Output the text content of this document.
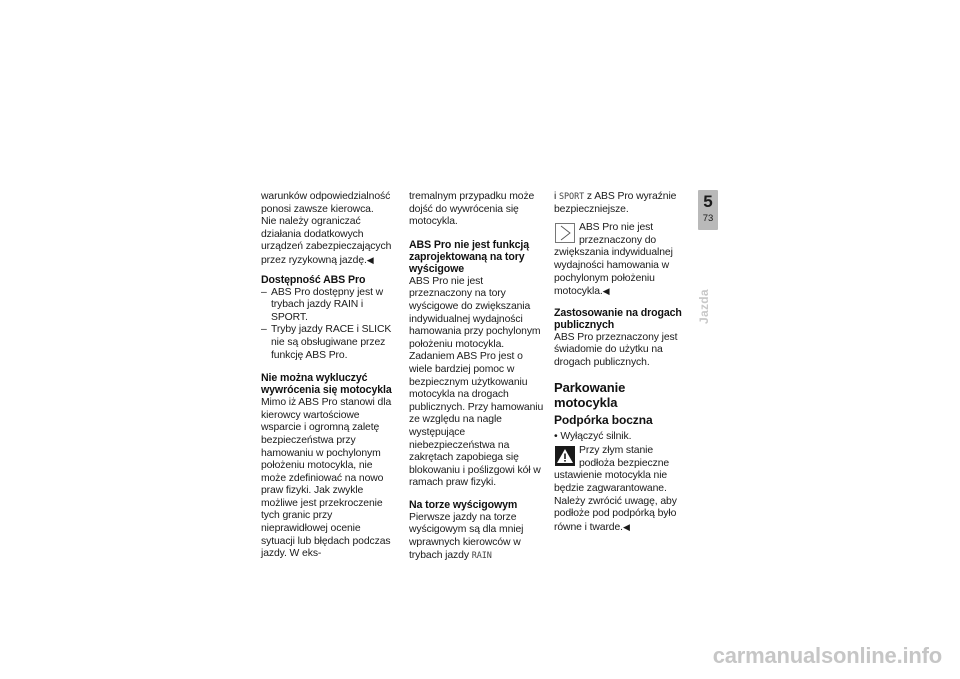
5
73
Jazda

warunków odpowiedzialność ponosi zawsze kierowca.

Nie należy ograniczać działania dodatkowych urządzeń zabezpieczających przez ryzykowną jazdę.◀

Dostępność ABS Pro

– ABS Pro dostępny jest w trybach jazdy RAIN i SPORT.

– Tryby jazdy RACE i SLICK nie są obsługiwane przez funkcję ABS Pro.

Nie można wykluczyć wywrócenia się motocykla

Mimo iż ABS Pro stanowi dla kierowcy wartościowe wsparcie i ogromną zaletę bezpieczeństwa przy hamowaniu w pochylonym położeniu motocykla, nie może zdefiniować na nowo praw fizyki. Jak zwykle możliwe jest przekroczenie tych granic przy nieprawidłowej ocenie sytuacji lub błędach podczas jazdy. W eks-

tremalnym przypadku może dojść do wywrócenia się motocykla.

ABS Pro nie jest funkcją zaprojektowaną na tory wyścigowe

ABS Pro nie jest przeznaczony na tory wyścigowe do zwiększania indywidualnej wydajności hamowania przy pochylonym położeniu motocykla.

Zadaniem ABS Pro jest o wiele bardziej pomoc w bezpiecznym użytkowaniu motocykla na drogach publicznych. Przy hamowaniu ze względu na nagle występujące niebezpieczeństwa na zakrętach zapobiega się blokowaniu i poślizgowi kół w ramach praw fizyki.

Na torze wyścigowym

Pierwsze jazdy na torze wyścigowym są dla mniej wprawnych kierowców w trybach jazdy RAIN

i SPORT z ABS Pro wyraźnie bezpieczniejsze.

ABS Pro nie jest przeznaczony do zwiększania indywidualnej wydajności hamowania w pochylonym położeniu motocykla.◀
Zastosowanie na drogach publicznych

ABS Pro przeznaczony jest świadomie do użytku na drogach publicznych.

Parkowanie motocykla
Podpórka boczna

• Wyłączyć silnik.

Przy złym stanie podłoża bezpieczne ustawienie motocykla nie będzie zagwarantowane.

Należy zwrócić uwagę, aby podłoże pod podpórką było równe i twarde.◀

carmanualsonline.info
